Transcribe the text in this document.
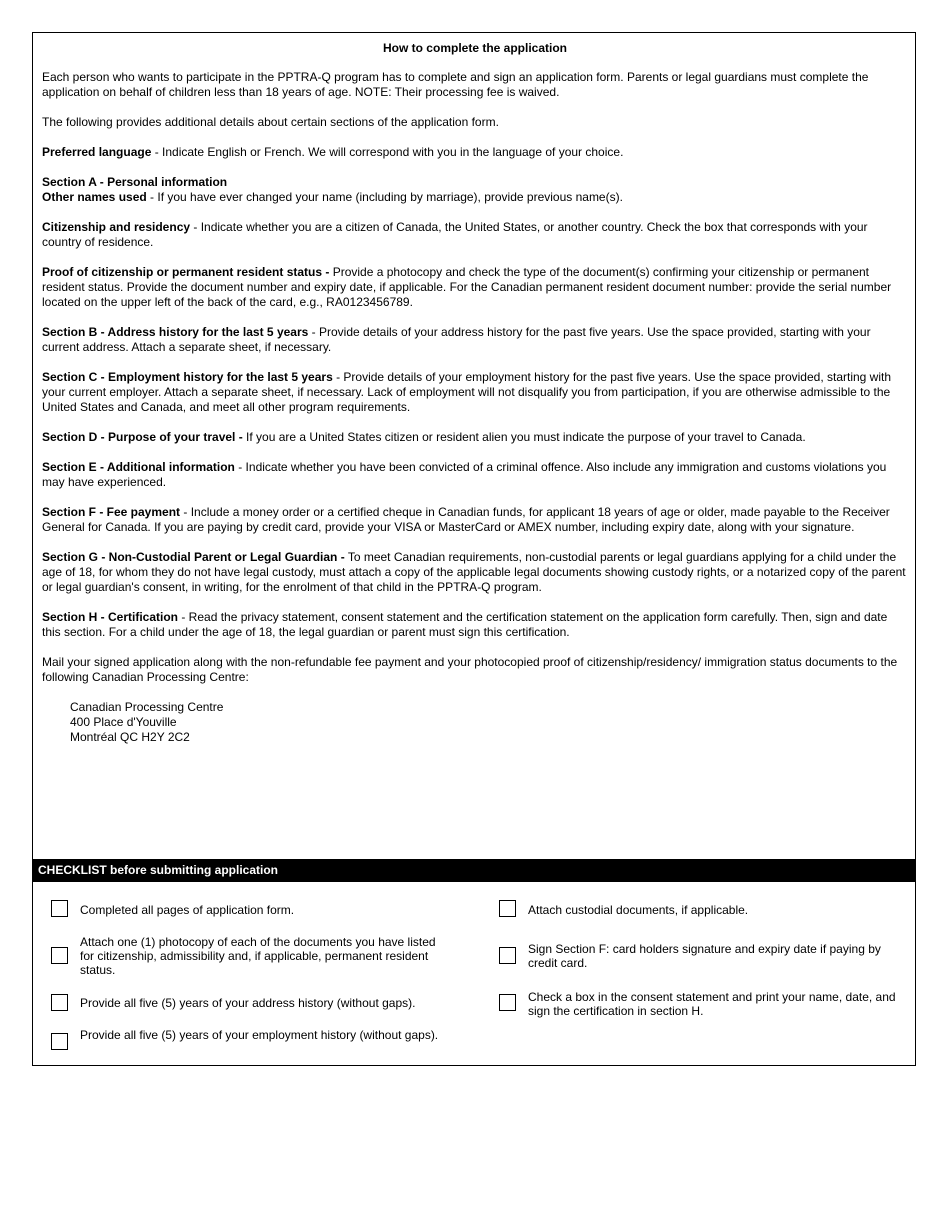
How to complete the application

Each person who wants to participate in the PPTRA-Q program has to complete and sign an application form. Parents or legal guardians must complete the application on behalf of children less than 18 years of age. NOTE: Their processing fee is waived.

The following provides additional details about certain sections of the application form.

Preferred language - Indicate English or French. We will correspond with you in the language of your choice.

Section A - Personal information
Other names used - If you have ever changed your name (including by marriage), provide previous name(s).

Citizenship and residency - Indicate whether you are a citizen of Canada, the United States, or another country. Check the box that corresponds with your country of residence.

Proof of citizenship or permanent resident status - Provide a photocopy and check the type of the document(s) confirming your citizenship or permanent resident status. Provide the document number and expiry date, if applicable. For the Canadian permanent resident document number: provide the serial number located on the upper left of the back of the card, e.g., RA0123456789.

Section B - Address history for the last 5 years - Provide details of your address history for the past five years. Use the space provided, starting with your current address. Attach a separate sheet, if necessary.

Section C - Employment history for the last 5 years - Provide details of your employment history for the past five years. Use the space provided, starting with your current employer. Attach a separate sheet, if necessary. Lack of employment will not disqualify you from participation, if you are otherwise admissible to the United States and Canada, and meet all other program requirements.

Section D - Purpose of your travel - If you are a United States citizen or resident alien you must indicate the purpose of your travel to Canada.

Section E - Additional information - Indicate whether you have been convicted of a criminal offence. Also include any immigration and customs violations you may have experienced.

Section F - Fee payment - Include a money order or a certified cheque in Canadian funds, for applicant 18 years of age or older, made payable to the Receiver General for Canada. If you are paying by credit card, provide your VISA or MasterCard or AMEX number, including expiry date, along with your signature.

Section G - Non-Custodial Parent or Legal Guardian - To meet Canadian requirements, non-custodial parents or legal guardians applying for a child under the age of 18, for whom they do not have legal custody, must attach a copy of the applicable legal documents showing custody rights, or a notarized copy of the parent or legal guardian's consent, in writing, for the enrolment of that child in the PPTRA-Q program.

Section H - Certification - Read the privacy statement, consent statement and the certification statement on the application form carefully. Then, sign and date this section. For a child under the age of 18, the legal guardian or parent must sign this certification.

Mail your signed application along with the non-refundable fee payment and your photocopied proof of citizenship/residency/ immigration status documents to the following Canadian Processing Centre:

Canadian Processing Centre
400 Place d'Youville
Montréal QC H2Y 2C2
CHECKLIST before submitting application
Completed all pages of application form.
Attach one (1) photocopy of each of the documents you have listed for citizenship, admissibility and, if applicable, permanent resident status.
Provide all five (5) years of your address history (without gaps).
Provide all five (5) years of your employment history (without gaps).
Attach custodial documents, if applicable.
Sign Section F: card holders signature and expiry date if paying by credit card.
Check a box in the consent statement and print your name, date, and sign the certification in section H.
